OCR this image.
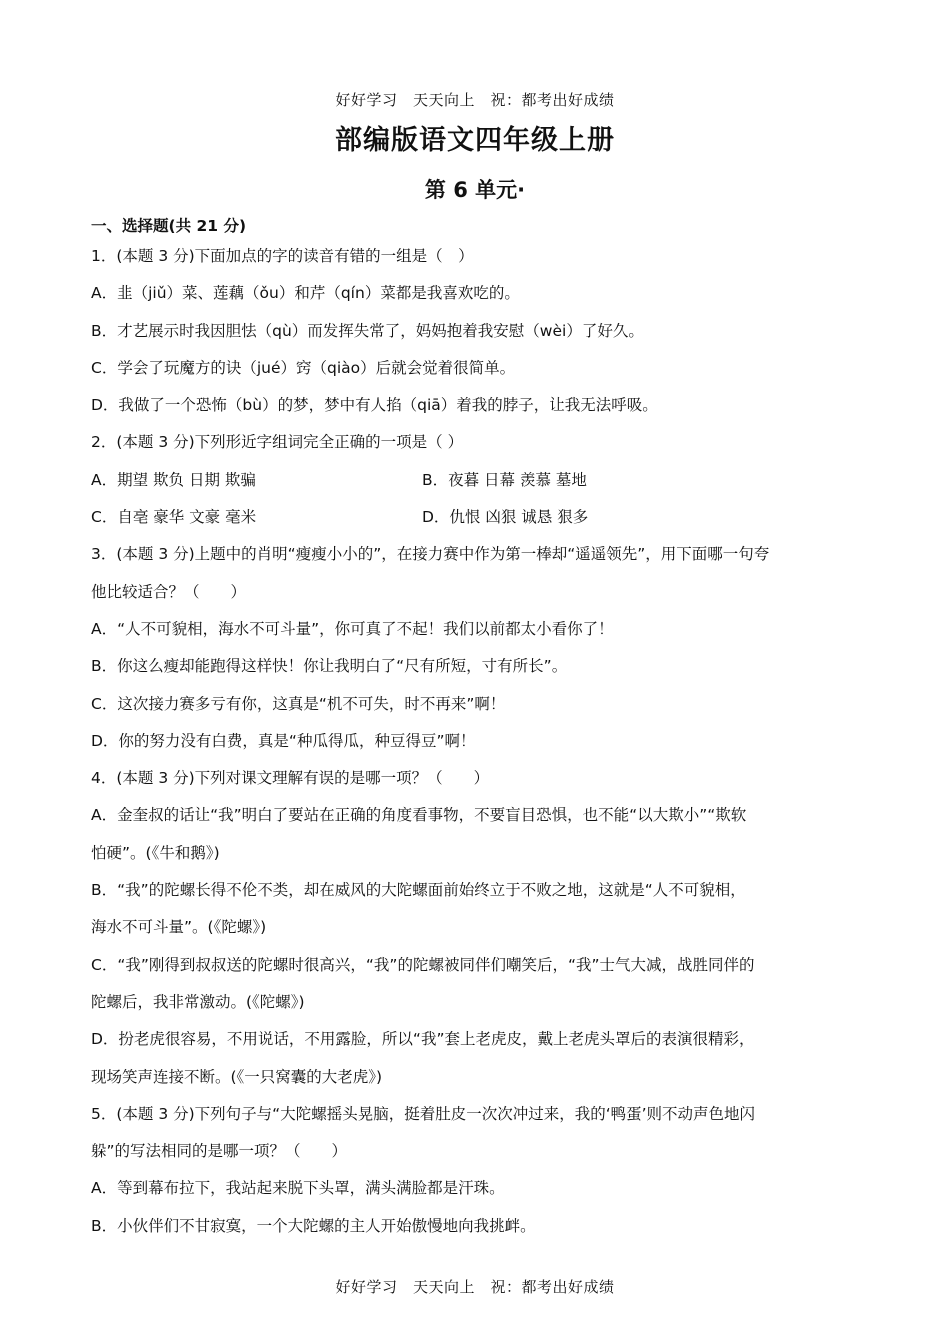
好好学习　天天向上　祝：都考出好成绩
部编版语文四年级上册
第 6 单元·
一、选择题(共 21 分)
1．(本题 3 分)下面加点的字的读音有错的一组是（　）
A．韭（jiǔ）菜、莲藕（ǒu）和芹（qín）菜都是我喜欢吃的。
B．才艺展示时我因胆怯（qù）而发挥失常了，妈妈抱着我安慰（wèi）了好久。
C．学会了玩魔方的诀（jué）窍（qiào）后就会觉着很简单。
D．我做了一个恐怖（bù）的梦，梦中有人掐（qiā）着我的脖子，让我无法呼吸。
2．(本题 3 分)下列形近字组词完全正确的一项是（ ）
A．期望 欺负 日期 欺骗	B．夜暮 日幕 羡慕 墓地
C．自亳 豪华 文豪 毫米	D．仇恨 凶狠 诚恳 狠多
3．(本题 3 分)上题中的肖明“瘦瘦小小的”，在接力赛中作为第一棒却“遥遥领先”，用下面哪一句夸
他比较适合？（　　）
A．“人不可貌相，海水不可斗量”，你可真了不起！我们以前都太小看你了！
B．你这么瘦却能跑得这样快！你让我明白了“尺有所短，寸有所长”。
C．这次接力赛多亏有你，这真是“机不可失，时不再来”啊！
D．你的努力没有白费，真是“种瓜得瓜，种豆得豆”啊！
4．(本题 3 分)下列对课文理解有误的是哪一项？（　　）
A．金奎叔的话让“我”明白了要站在正确的角度看事物，不要盲目恐惧，也不能“以大欺小”“欺软
怕硬”。(《牛和鹅》)
B．“我”的陀螺长得不伦不类，却在威风的大陀螺面前始终立于不败之地，这就是“人不可貌相，
海水不可斗量”。(《陀螺》)
C．“我”刚得到叔叔送的陀螺时很高兴，“我”的陀螺被同伴们嘲笑后，“我”士气大减，战胜同伴的
陀螺后，我非常激动。(《陀螺》)
D．扮老虎很容易，不用说话，不用露脸，所以“我”套上老虎皮，戴上老虎头罩后的表演很精彩，
现场笑声连接不断。(《一只窝囊的大老虎》)
5．(本题 3 分)下列句子与“大陀螺摇头晃脑，挺着肚皮一次次冲过来，我的‘鸭蛋’则不动声色地闪
躲”的写法相同的是哪一项？（　　）
A．等到幕布拉下，我站起来脱下头罩，满头满脸都是汗珠。
B．小伙伴们不甘寂寞，一个大陀螺的主人开始傲慢地向我挑衅。
好好学习　天天向上　祝：都考出好成绩
